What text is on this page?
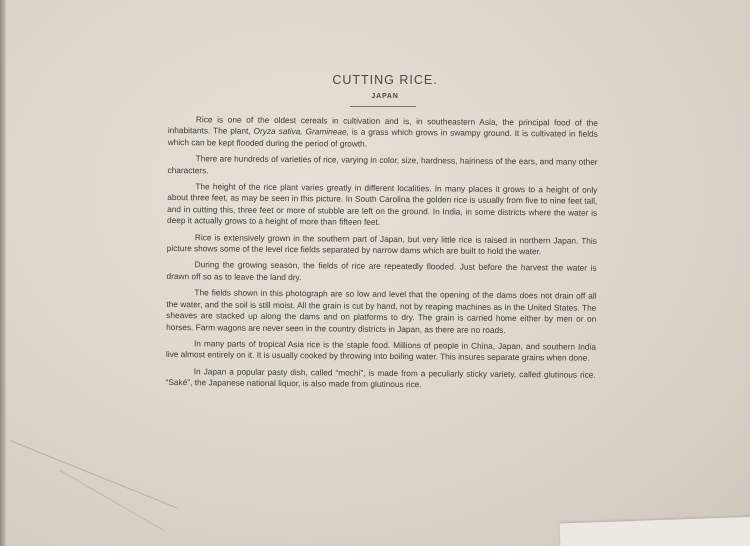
CUTTING RICE.
JAPAN

Rice is one of the oldest cereals in cultivation and is, in southeastern Asia, the principal food of the inhabitants. The plant, Oryza sativa, Gramineae, is a grass which grows in swampy ground. It is cultivated in fields which can be kept flooded during the period of growth.

There are hundreds of varieties of rice, varying in color, size, hardness, hairiness of the ears, and many other characters.

The height of the rice plant varies greatly in different localities. In many places it grows to a height of only about three feet, as may be seen in this picture. In South Carolina the golden rice is usually from five to nine feet tall, and in cutting this, three feet or more of stubble are left on the ground. In India, in some districts where the water is deep it actually grows to a height of more than fifteen feet.

Rice is extensively grown in the southern part of Japan, but very little rice is raised in northern Japan. This picture shows some of the level rice fields separated by narrow dams which are built to hold the water.

During the growing season, the fields of rice are repeatedly flooded. Just before the harvest the water is drawn off so as to leave the land dry.

The fields shown in this photograph are so low and level that the opening of the dams does not drain off all the water, and the soil is still moist. All the grain is cut by hand, not by reaping machines as in the United States. The sheaves are stacked up along the dams and on platforms to dry. The grain is carried home either by men or on horses. Farm wagons are never seen in the country districts in Japan, as there are no roads.

In many parts of tropical Asia rice is the staple food. Millions of people in China, Japan, and southern India live almost entirely on it. It is usually cooked by throwing into boiling water. This insures separate grains when done.

In Japan a popular pasty dish, called “mochi”, is made from a peculiarly sticky variety, called glutinous rice. “Saké”, the Japanese national liquor, is also made from glutinous rice.
